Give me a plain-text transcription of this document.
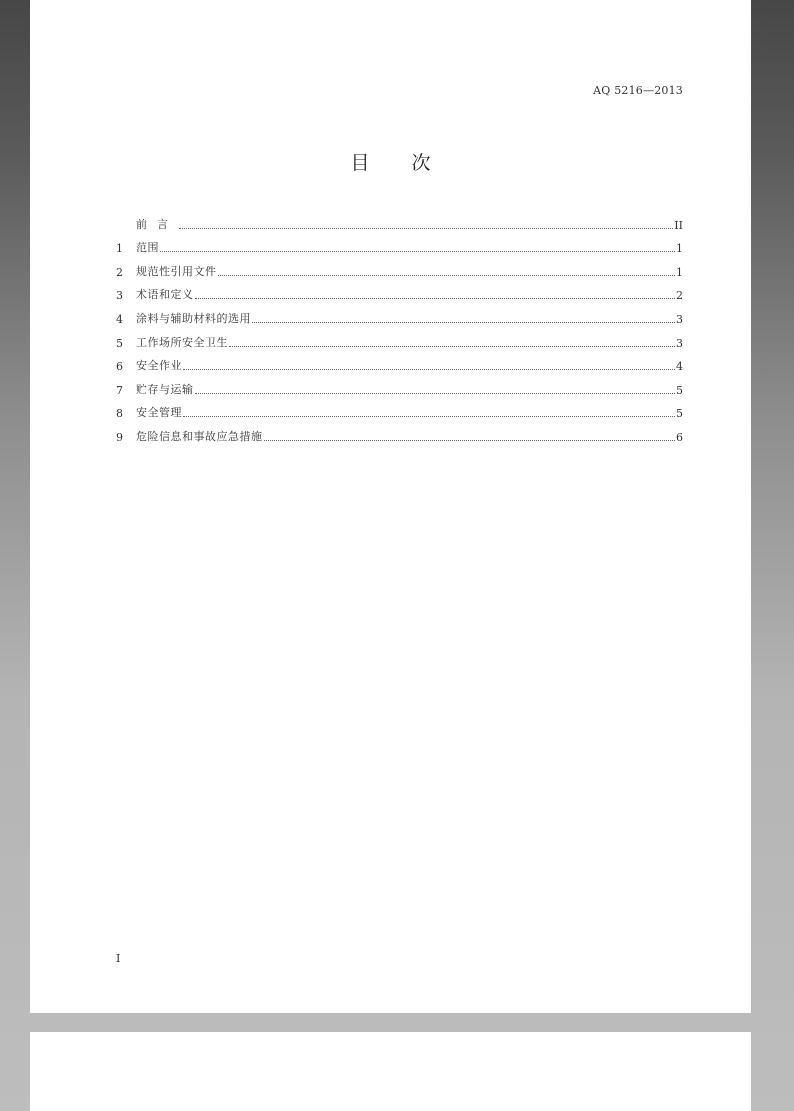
AQ 5216—2013
目 次
前言	II
1	范围	1
2	规范性引用文件	1
3	术语和定义	2
4	涂料与辅助材料的选用	3
5	工作场所安全卫生	3
6	安全作业	4
7	贮存与运输	5
8	安全管理	5
9	危险信息和事故应急措施	6
I
